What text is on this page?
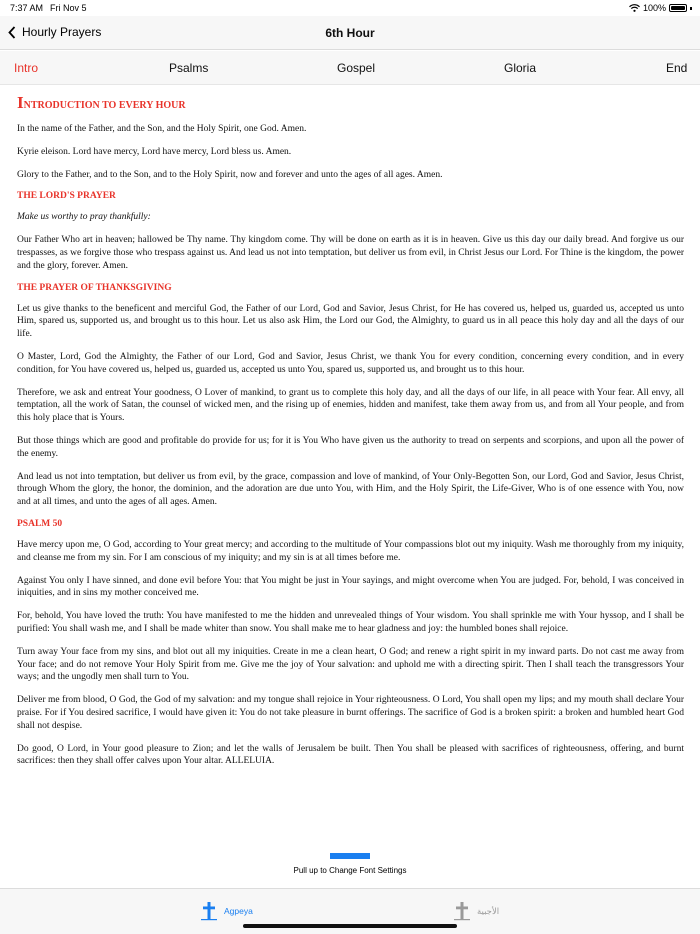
7:37 AM Fri Nov 5	100%
Hourly Prayers	6th Hour
Intro	Psalms	Gospel	Gloria	End
INTRODUCTION TO EVERY HOUR

In the name of the Father, and the Son, and the Holy Spirit, one God. Amen.

Kyrie eleison. Lord have mercy, Lord have mercy, Lord bless us. Amen.

Glory to the Father, and to the Son, and to the Holy Spirit, now and forever and unto the ages of all ages. Amen.

THE LORD'S PRAYER

Make us worthy to pray thankfully:

Our Father Who art in heaven; hallowed be Thy name. Thy kingdom come. Thy will be done on earth as it is in heaven. Give us this day our daily bread. And forgive us our trespasses, as we forgive those who trespass against us. And lead us not into temptation, but deliver us from evil, in Christ Jesus our Lord. For Thine is the kingdom, the power and the glory, forever. Amen.

THE PRAYER OF THANKSGIVING

Let us give thanks to the beneficent and merciful God, the Father of our Lord, God and Savior, Jesus Christ, for He has covered us, helped us, guarded us, accepted us unto Him, spared us, supported us, and brought us to this hour. Let us also ask Him, the Lord our God, the Almighty, to guard us in all peace this holy day and all the days of our life.

O Master, Lord, God the Almighty, the Father of our Lord, God and Savior, Jesus Christ, we thank You for every condition, concerning every condition, and in every condition, for You have covered us, helped us, guarded us, accepted us unto You, spared us, supported us, and brought us to this hour.

Therefore, we ask and entreat Your goodness, O Lover of mankind, to grant us to complete this holy day, and all the days of our life, in all peace with Your fear. All envy, all temptation, all the work of Satan, the counsel of wicked men, and the rising up of enemies, hidden and manifest, take them away from us, and from all Your people, and from this holy place that is Yours.

But those things which are good and profitable do provide for us; for it is You Who have given us the authority to tread on serpents and scorpions, and upon all the power of the enemy.

And lead us not into temptation, but deliver us from evil, by the grace, compassion and love of mankind, of Your Only-Begotten Son, our Lord, God and Savior, Jesus Christ, through Whom the glory, the honor, the dominion, and the adoration are due unto You, with Him, and the Holy Spirit, the Life-Giver, Who is of one essence with You, now and at all times, and unto the ages of all ages. Amen.

PSALM 50

Have mercy upon me, O God, according to Your great mercy; and according to the multitude of Your compassions blot out my iniquity. Wash me thoroughly from my iniquity, and cleanse me from my sin. For I am conscious of my iniquity; and my sin is at all times before me.

Against You only I have sinned, and done evil before You: that You might be just in Your sayings, and might overcome when You are judged. For, behold, I was conceived in iniquities, and in sins my mother conceived me.

For, behold, You have loved the truth: You have manifested to me the hidden and unrevealed things of Your wisdom. You shall sprinkle me with Your hyssop, and I shall be purified: You shall wash me, and I shall be made whiter than snow. You shall make me to hear gladness and joy: the humbled bones shall rejoice.

Turn away Your face from my sins, and blot out all my iniquities. Create in me a clean heart, O God; and renew a right spirit in my inward parts. Do not cast me away from Your face; and do not remove Your Holy Spirit from me. Give me the joy of Your salvation: and uphold me with a directing spirit. Then I shall teach the transgressors Your ways; and the ungodly men shall turn to You.

Deliver me from blood, O God, the God of my salvation: and my tongue shall rejoice in Your righteousness. O Lord, You shall open my lips; and my mouth shall declare Your praise. For if You desired sacrifice, I would have given it: You do not take pleasure in burnt offerings. The sacrifice of God is a broken spirit: a broken and humbled heart God shall not despise.

Do good, O Lord, in Your good pleasure to Zion; and let the walls of Jerusalem be built. Then You shall be pleased with sacrifices of righteousness, offering, and burnt sacrifices: then they shall offer calves upon Your altar. ALLELUIA.

Pull up to Change Font Settings
Agpeya	الأجبية
